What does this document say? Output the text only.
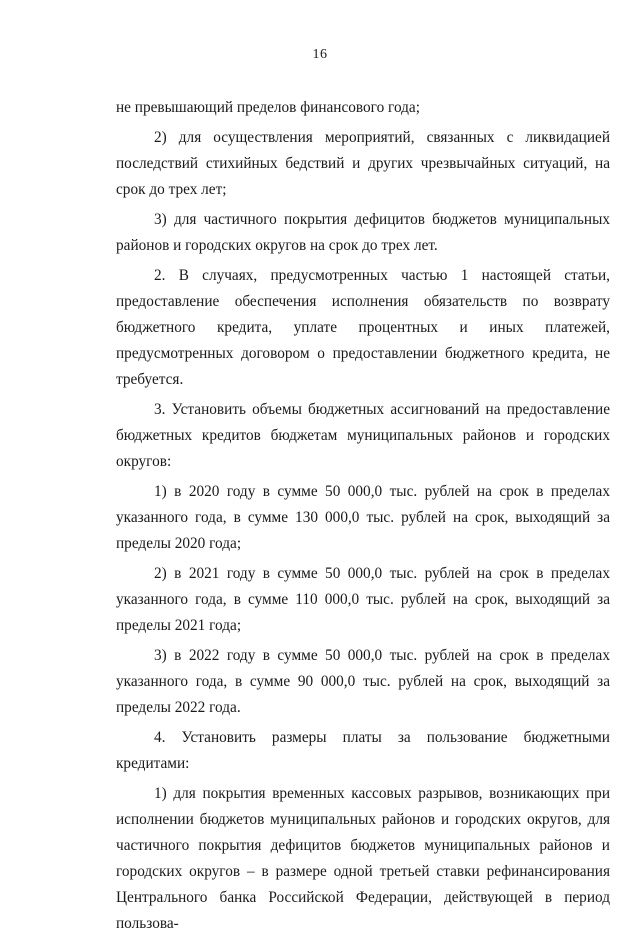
16

не превышающий пределов финансового года;

2) для осуществления мероприятий, связанных с ликвидацией последствий стихийных бедствий и других чрезвычайных ситуаций, на срок до трех лет;

3) для частичного покрытия дефицитов бюджетов муниципальных районов и городских округов на срок до трех лет.

2. В случаях, предусмотренных частью 1 настоящей статьи, предоставление обеспечения исполнения обязательств по возврату бюджетного кредита, уплате процентных и иных платежей, предусмотренных договором о предоставлении бюджетного кредита, не требуется.

3. Установить объемы бюджетных ассигнований на предоставление бюджетных кредитов бюджетам муниципальных районов и городских округов:

1) в 2020 году в сумме 50 000,0 тыс. рублей на срок в пределах указанного года, в сумме 130 000,0 тыс. рублей на срок, выходящий за пределы 2020 года;

2) в 2021 году в сумме 50 000,0 тыс. рублей на срок в пределах указанного года, в сумме 110 000,0 тыс. рублей на срок, выходящий за пределы 2021 года;

3) в 2022 году в сумме 50 000,0 тыс. рублей на срок в пределах указанного года, в сумме 90 000,0 тыс. рублей на срок, выходящий за пределы 2022 года.

4. Установить размеры платы за пользование бюджетными кредитами:

1) для покрытия временных кассовых разрывов, возникающих при исполнении бюджетов муниципальных районов и городских округов, для частичного покрытия дефицитов бюджетов муниципальных районов и городских округов – в размере одной третьей ставки рефинансирования Центрального банка Российской Федерации, действующей в период пользова-
